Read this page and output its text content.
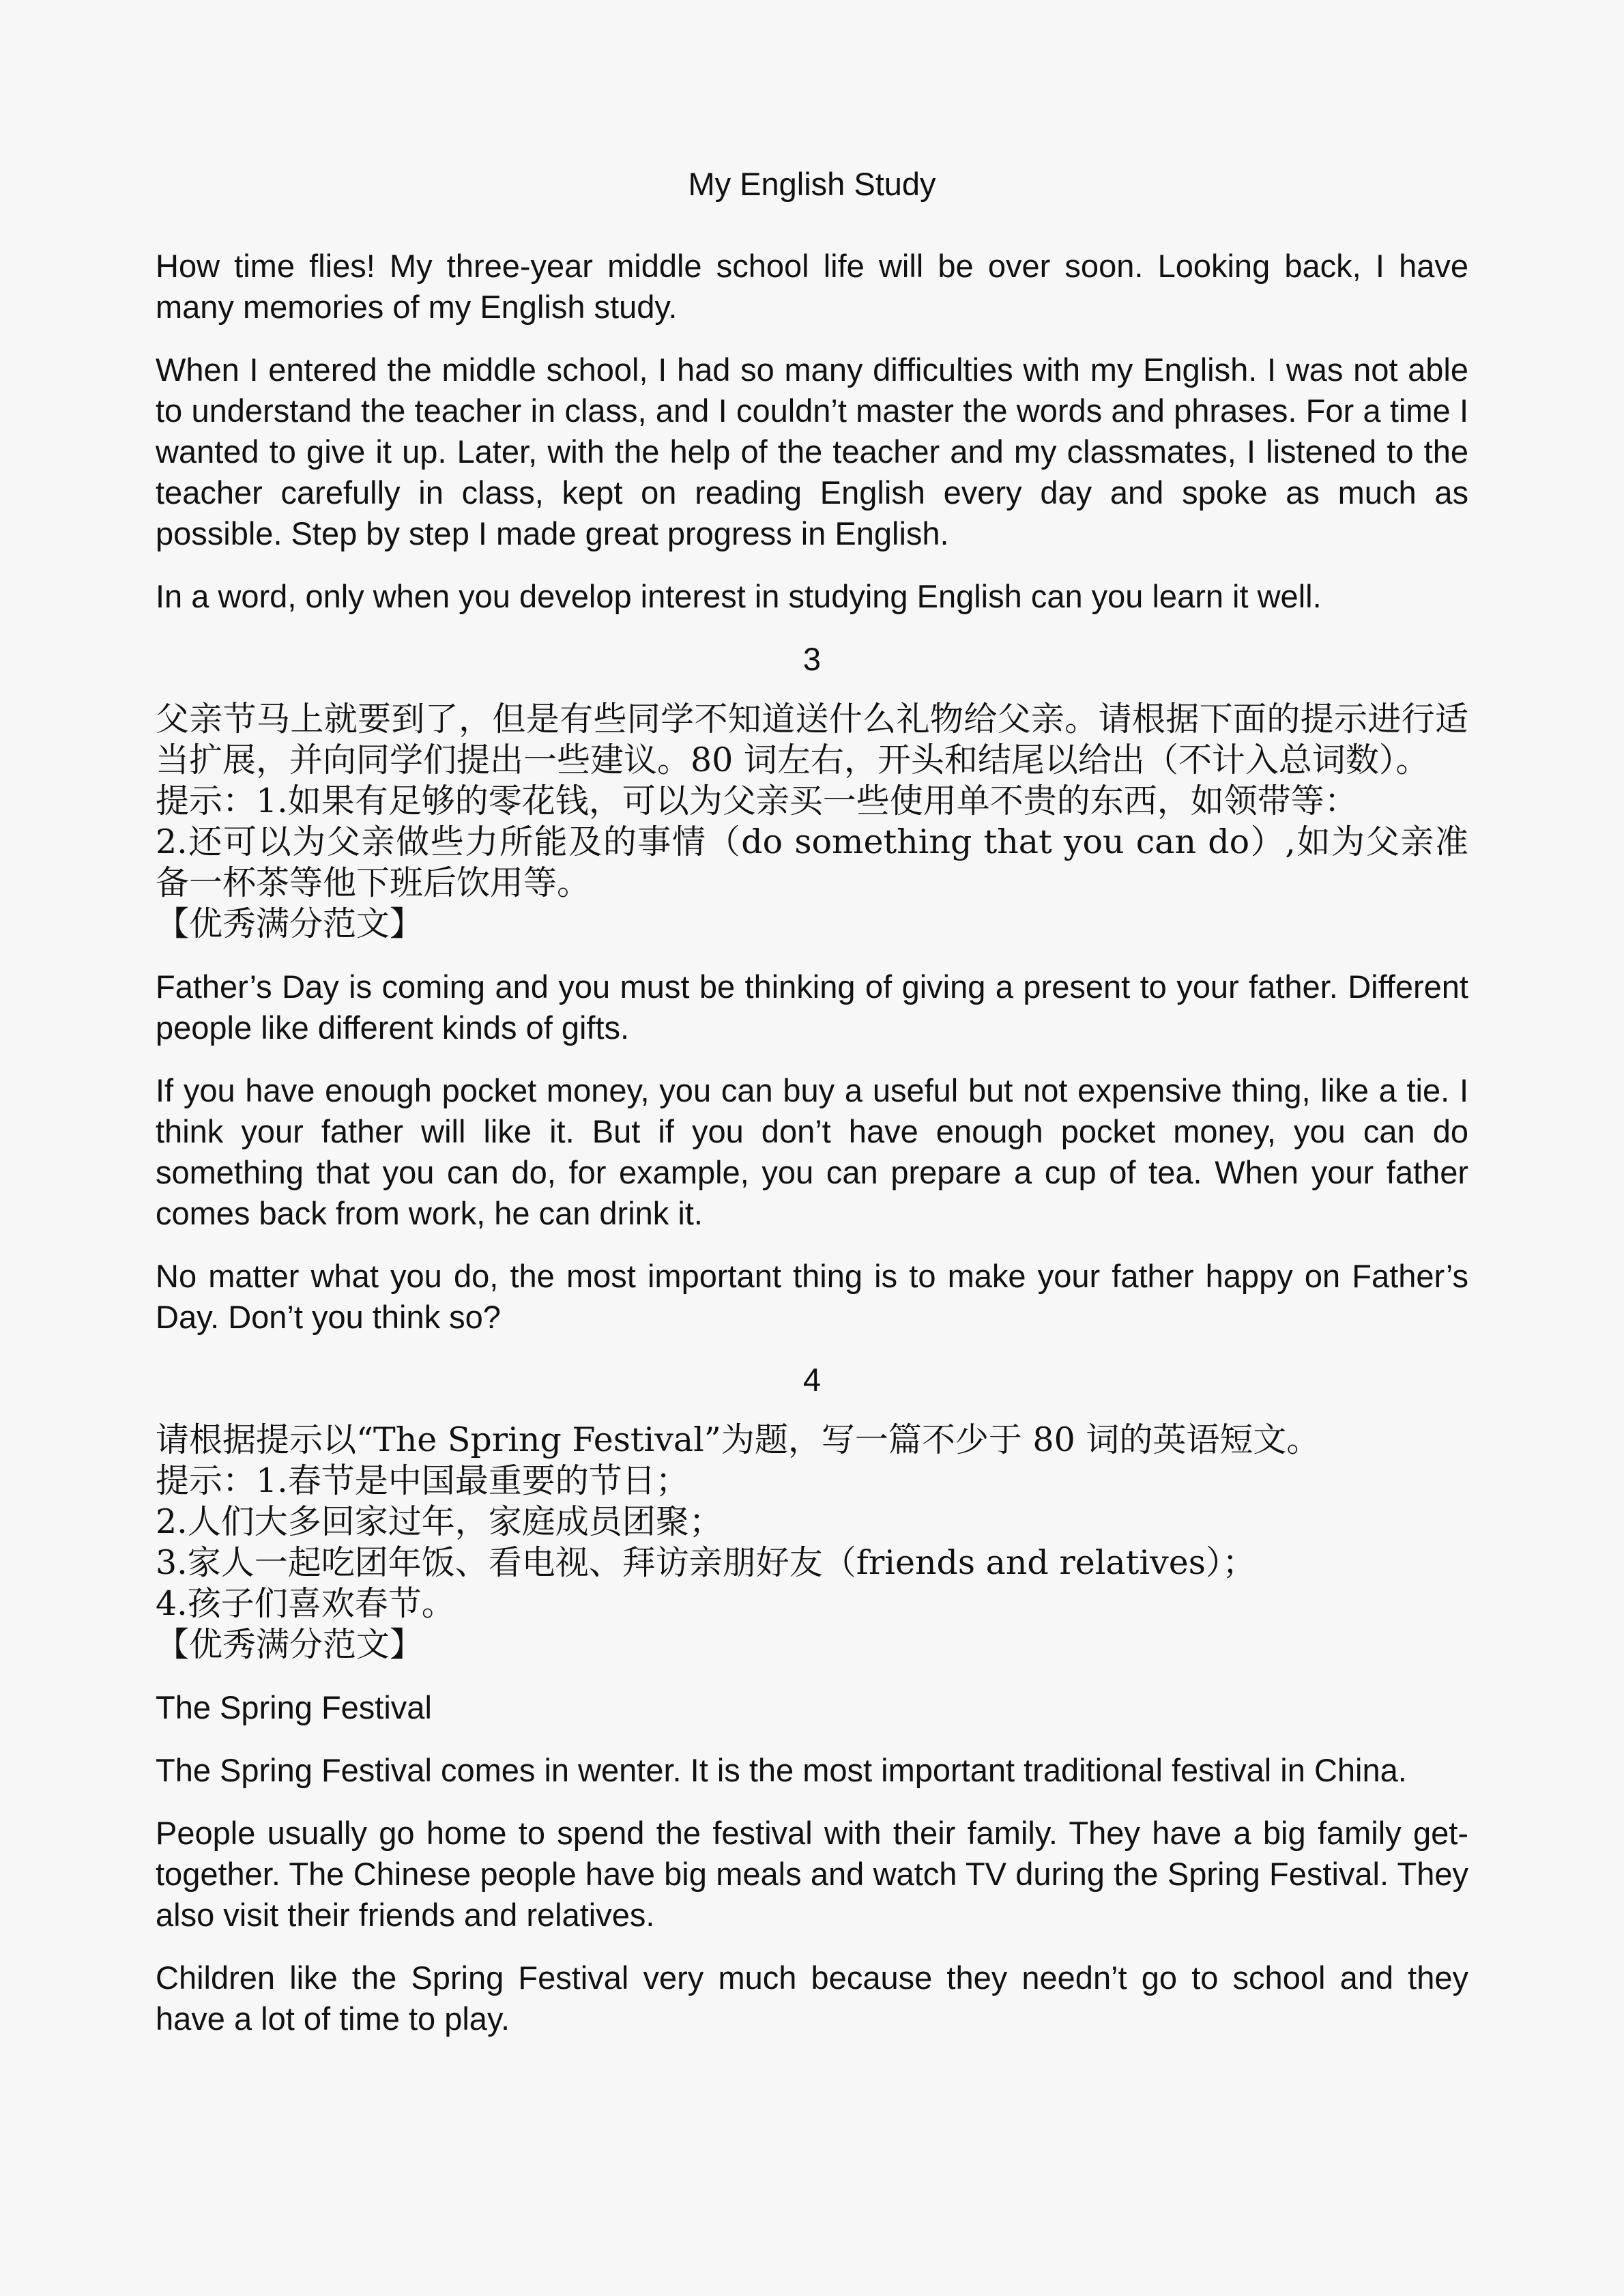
My English Study

How time flies! My three-year middle school life will be over soon. Looking back, I have many memories of my English study.

When I entered the middle school, I had so many difficulties with my English. I was not able to understand the teacher in class, and I couldn’t master the words and phrases. For a time I wanted to give it up. Later, with the help of the teacher and my classmates, I listened to the teacher carefully in class, kept on reading English every day and spoke as much as possible. Step by step I made great progress in English.

In a word, only when you develop interest in studying English can you learn it well.

3

父亲节马上就要到了，但是有些同学不知道送什么礼物给父亲。请根据下面的提示进行适当扩展，并向同学们提出一些建议。80 词左右，开头和结尾以给出（不计入总词数）。

提示：1.如果有足够的零花钱，可以为父亲买一些使用单不贵的东西，如领带等：

2.还可以为父亲做些力所能及的事情（do something that you can do）,如为父亲准备一杯茶等他下班后饮用等。

【优秀满分范文】

Father’s Day is coming and you must be thinking of giving a present to your father. Different people like different kinds of gifts.

If you have enough pocket money, you can buy a useful but not expensive thing, like a tie. I think your father will like it. But if you don’t have enough pocket money, you can do something that you can do, for example, you can prepare a cup of tea. When your father comes back from work, he can drink it.

No matter what you do, the most important thing is to make your father happy on Father’s Day. Don’t you think so?

4

请根据提示以“The Spring Festival”为题，写一篇不少于 80 词的英语短文。

提示：1.春节是中国最重要的节日；

2.人们大多回家过年，家庭成员团聚；

3.家人一起吃团年饭、看电视、拜访亲朋好友（friends and relatives）；

4.孩子们喜欢春节。

【优秀满分范文】

The Spring Festival

The Spring Festival comes in wenter. It is the most important traditional festival in China.

People usually go home to spend the festival with their family. They have a big family get-together. The Chinese people have big meals and watch TV during the Spring Festival. They also visit their friends and relatives.

Children like the Spring Festival very much because they needn’t go to school and they have a lot of time to play.
